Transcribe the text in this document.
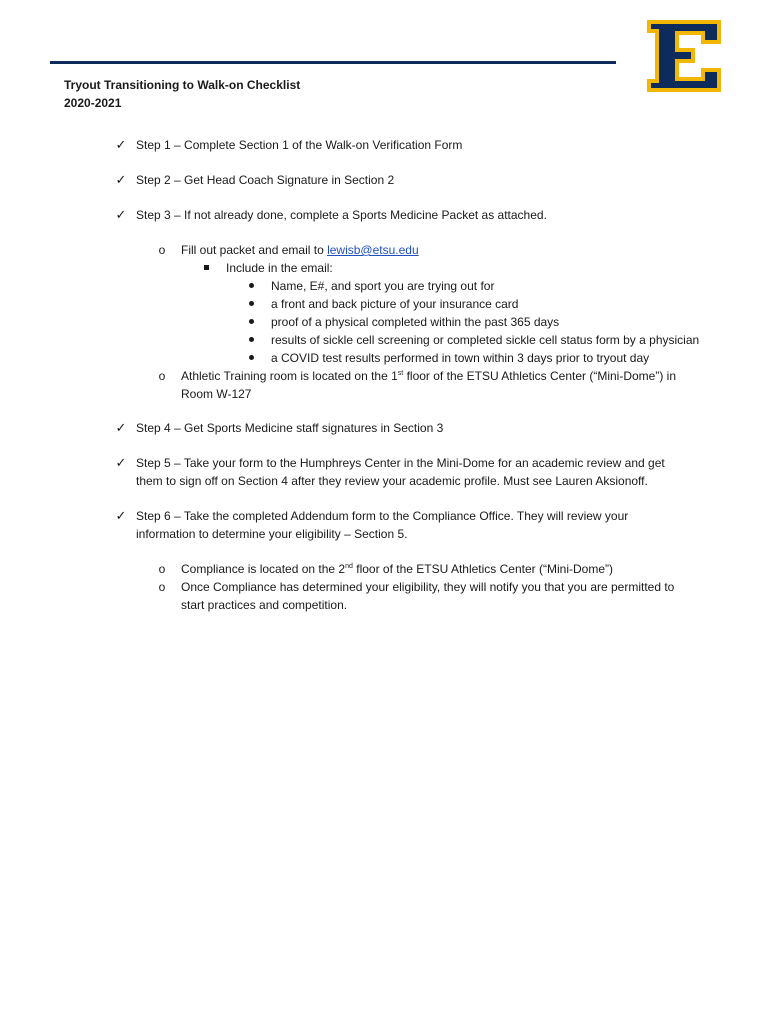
Tryout Transitioning to Walk-on Checklist
2020-2021
✓ Step 1 – Complete Section 1 of the Walk-on Verification Form
✓ Step 2 – Get Head Coach Signature in Section 2
✓ Step 3 – If not already done, complete a Sports Medicine Packet as attached.
o	Fill out packet and email to lewisb@etsu.edu
Include in the email:
Name, E#, and sport you are trying out for
a front and back picture of your insurance card
proof of a physical completed within the past 365 days
results of sickle cell screening or completed sickle cell status form by a physician
a COVID test results performed in town within 3 days prior to tryout day
o	Athletic Training room is located on the 1st floor of the ETSU Athletics Center (“Mini-Dome”) in
Room W-127
✓ Step 4 – Get Sports Medicine staff signatures in Section 3
✓ Step 5 – Take your form to the Humphreys Center in the Mini-Dome for an academic review and get
them to sign off on Section 4 after they review your academic profile. Must see Lauren Aksionoff.
✓ Step 6 – Take the completed Addendum form to the Compliance Office. They will review your
information to determine your eligibility – Section 5.
o	Compliance is located on the 2nd floor of the ETSU Athletics Center (“Mini-Dome”)
o	Once Compliance has determined your eligibility, they will notify you that you are permitted to
start practices and competition.
